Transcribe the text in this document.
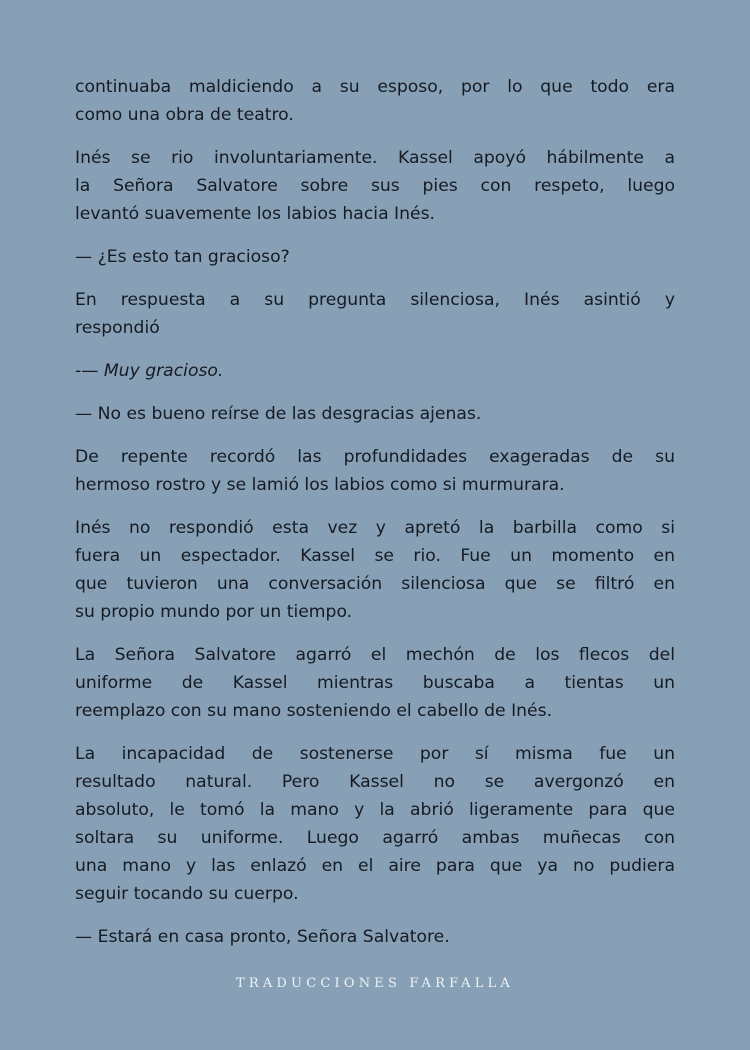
continuaba maldiciendo a su esposo, por lo que todo era
como una obra de teatro.
Inés se rio involuntariamente. Kassel apoyó hábilmente a
la Señora Salvatore sobre sus pies con respeto, luego
levantó suavemente los labios hacia Inés.
— ¿Es esto tan gracioso?
En respuesta a su pregunta silenciosa, Inés asintió y
respondió
-— Muy gracioso.
— No es bueno reírse de las desgracias ajenas.
De repente recordó las profundidades exageradas de su
hermoso rostro y se lamió los labios como si murmurara.
Inés no respondió esta vez y apretó la barbilla como si
fuera un espectador. Kassel se rio. Fue un momento en
que tuvieron una conversación silenciosa que se filtró en
su propio mundo por un tiempo.
La Señora Salvatore agarró el mechón de los flecos del
uniforme de Kassel mientras buscaba a tientas un
reemplazo con su mano sosteniendo el cabello de Inés.
La incapacidad de sostenerse por sí misma fue un
resultado natural. Pero Kassel no se avergonzó en
absoluto, le tomó la mano y la abrió ligeramente para que
soltara su uniforme. Luego agarró ambas muñecas con
una mano y las enlazó en el aire para que ya no pudiera
seguir tocando su cuerpo.
— Estará en casa pronto, Señora Salvatore.
TRADUCCIONES FARFALLA
